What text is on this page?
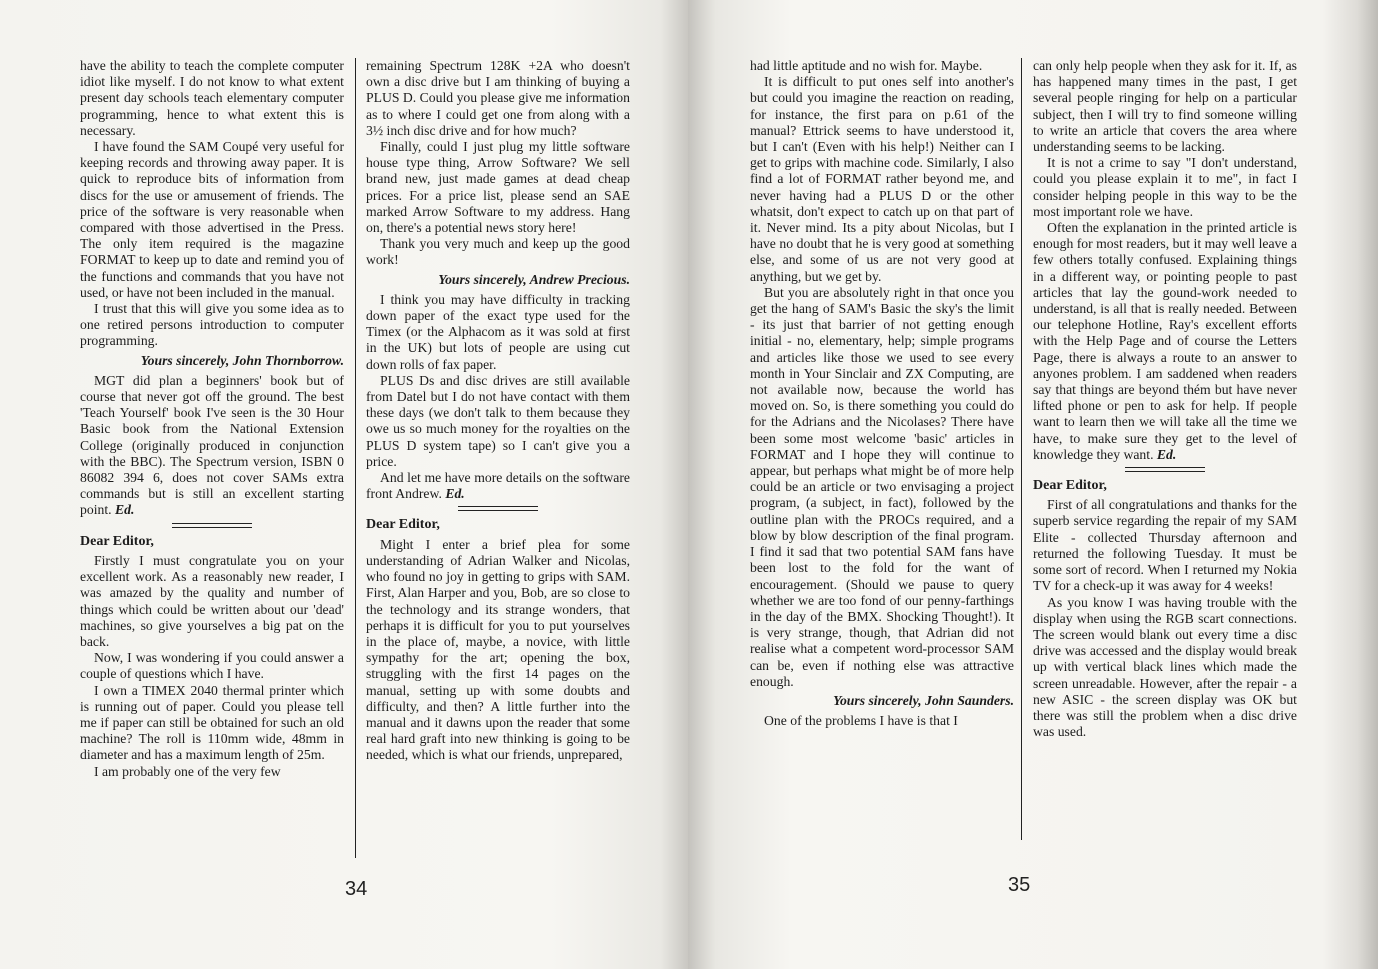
have the ability to teach the complete computer idiot like myself. I do not know to what extent present day schools teach elementary computer programming, hence to what extent this is necessary.

I have found the SAM Coupé very useful for keeping records and throwing away paper. It is quick to reproduce bits of information from discs for the use or amusement of friends. The price of the software is very reasonable when compared with those advertised in the Press. The only item required is the magazine FORMAT to keep up to date and remind you of the functions and commands that you have not used, or have not been included in the manual.

I trust that this will give you some idea as to one retired persons introduction to computer programming.

Yours sincerely, John Thornborrow.

MGT did plan a beginners' book but of course that never got off the ground. The best 'Teach Yourself' book I've seen is the 30 Hour Basic book from the National Extension College (originally produced in conjunction with the BBC). The Spectrum version, ISBN 0 86082 394 6, does not cover SAMs extra commands but is still an excellent starting point. Ed.

Dear Editor,

Firstly I must congratulate you on your excellent work. As a reasonably new reader, I was amazed by the quality and number of things which could be written about our 'dead' machines, so give yourselves a big pat on the back.

Now, I was wondering if you could answer a couple of questions which I have.

I own a TIMEX 2040 thermal printer which is running out of paper. Could you please tell me if paper can still be obtained for such an old machine? The roll is 110mm wide, 48mm in diameter and has a maximum length of 25m.

I am probably one of the very few

remaining Spectrum 128K +2A who doesn't own a disc drive but I am thinking of buying a PLUS D. Could you please give me information as to where I could get one from along with a 3½ inch disc drive and for how much?

Finally, could I just plug my little software house type thing, Arrow Software? We sell brand new, just made games at dead cheap prices. For a price list, please send an SAE marked Arrow Software to my address. Hang on, there's a potential news story here!

Thank you very much and keep up the good work!

Yours sincerely, Andrew Precious.

I think you may have difficulty in tracking down paper of the exact type used for the Timex (or the Alphacom as it was sold at first in the UK) but lots of people are using cut down rolls of fax paper.

PLUS Ds and disc drives are still available from Datel but I do not have contact with them these days (we don't talk to them because they owe us so much money for the royalties on the PLUS D system tape) so I can't give you a price.

And let me have more details on the software front Andrew. Ed.

Dear Editor,

Might I enter a brief plea for some understanding of Adrian Walker and Nicolas, who found no joy in getting to grips with SAM. First, Alan Harper and you, Bob, are so close to the technology and its strange wonders, that perhaps it is difficult for you to put yourselves in the place of, maybe, a novice, with little sympathy for the art; opening the box, struggling with the first 14 pages on the manual, setting up with some doubts and difficulty, and then? A little further into the manual and it dawns upon the reader that some real hard graft into new thinking is going to be needed, which is what our friends, unprepared,

34

had little aptitude and no wish for. Maybe.

It is difficult to put ones self into another's but could you imagine the reaction on reading, for instance, the first para on p.61 of the manual? Ettrick seems to have understood it, but I can't (Even with his help!) Neither can I get to grips with machine code. Similarly, I also find a lot of FORMAT rather beyond me, and never having had a PLUS D or the other whatsit, don't expect to catch up on that part of it. Never mind. Its a pity about Nicolas, but I have no doubt that he is very good at something else, and some of us are not very good at anything, but we get by.

But you are absolutely right in that once you get the hang of SAM's Basic the sky's the limit - its just that barrier of not getting enough initial - no, elementary, help; simple programs and articles like those we used to see every month in Your Sinclair and ZX Computing, are not available now, because the world has moved on. So, is there something you could do for the Adrians and the Nicolases? There have been some most welcome 'basic' articles in FORMAT and I hope they will continue to appear, but perhaps what might be of more help could be an article or two envisaging a project program, (a subject, in fact), followed by the outline plan with the PROCs required, and a blow by blow description of the final program. I find it sad that two potential SAM fans have been lost to the fold for the want of encouragement. (Should we pause to query whether we are too fond of our penny-farthings in the day of the BMX. Shocking Thought!). It is very strange, though, that Adrian did not realise what a competent word-processor SAM can be, even if nothing else was attractive enough.

Yours sincerely, John Saunders.

One of the problems I have is that I

can only help people when they ask for it. If, as has happened many times in the past, I get several people ringing for help on a particular subject, then I will try to find someone willing to write an article that covers the area where understanding seems to be lacking.

It is not a crime to say "I don't understand, could you please explain it to me", in fact I consider helping people in this way to be the most important role we have.

Often the explanation in the printed article is enough for most readers, but it may well leave a few others totally confused. Explaining things in a different way, or pointing people to past articles that lay the gound-work needed to understand, is all that is really needed. Between our telephone Hotline, Ray's excellent efforts with the Help Page and of course the Letters Page, there is always a route to an answer to anyones problem. I am saddened when readers say that things are beyond thém but have never lifted phone or pen to ask for help. If people want to learn then we will take all the time we have, to make sure they get to the level of knowledge they want. Ed.

Dear Editor,

First of all congratulations and thanks for the superb service regarding the repair of my SAM Elite - collected Thursday afternoon and returned the following Tuesday. It must be some sort of record. When I returned my Nokia TV for a check-up it was away for 4 weeks!

As you know I was having trouble with the display when using the RGB scart connections. The screen would blank out every time a disc drive was accessed and the display would break up with vertical black lines which made the screen unreadable. However, after the repair - a new ASIC - the screen display was OK but there was still the problem when a disc drive was used.

35
